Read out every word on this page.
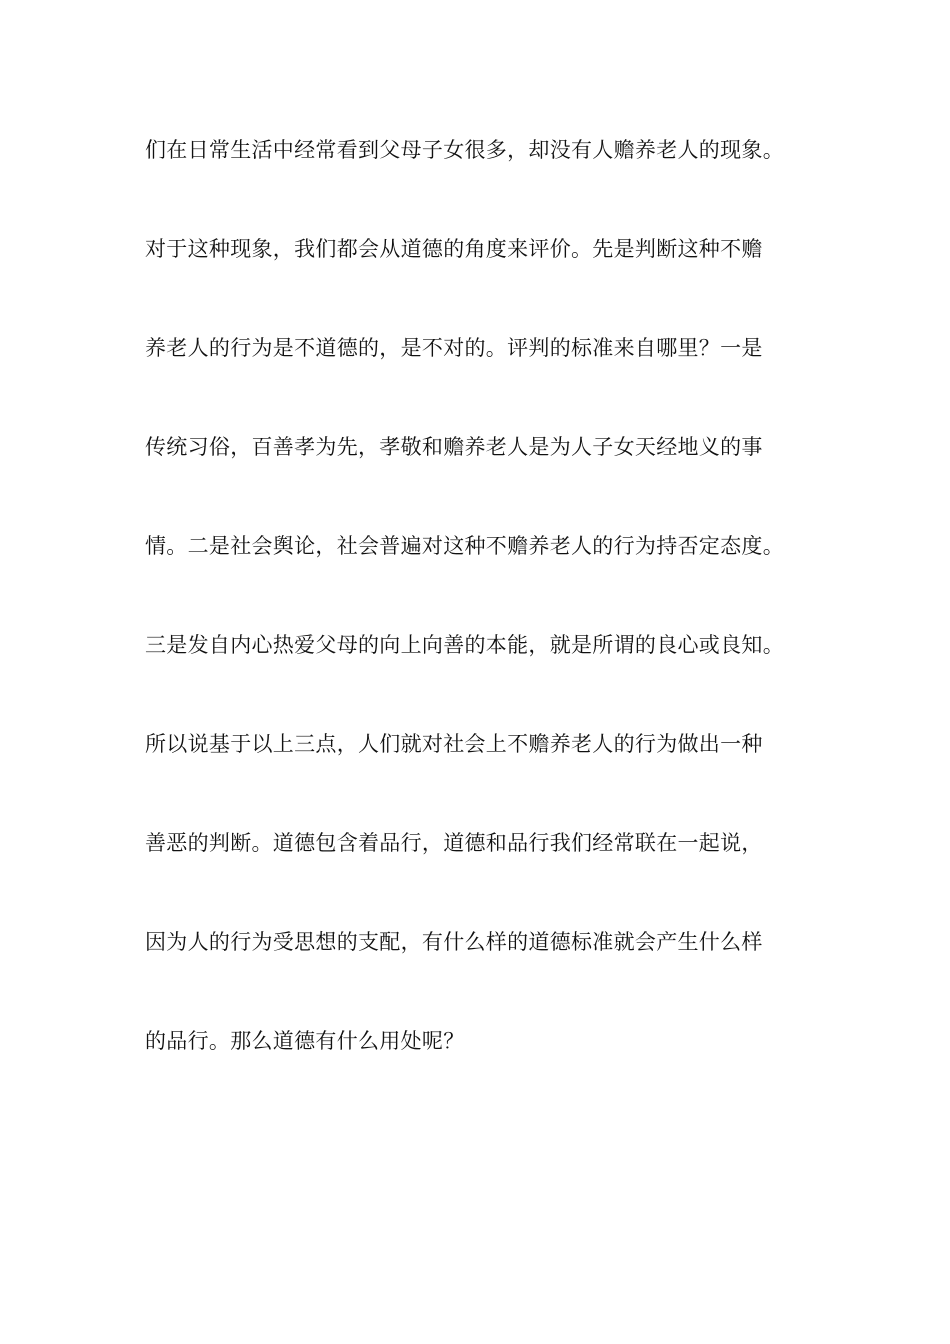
们在日常生活中经常看到父母子女很多，却没有人赡养老人的现象。
对于这种现象，我们都会从道德的角度来评价。先是判断这种不赡
养老人的行为是不道德的，是不对的。评判的标准来自哪里？一是
传统习俗，百善孝为先，孝敬和赡养老人是为人子女天经地义的事
情。二是社会舆论，社会普遍对这种不赡养老人的行为持否定态度。
三是发自内心热爱父母的向上向善的本能，就是所谓的良心或良知。
所以说基于以上三点，人们就对社会上不赡养老人的行为做出一种
善恶的判断。道德包含着品行，道德和品行我们经常联在一起说，
因为人的行为受思想的支配，有什么样的道德标准就会产生什么样
的品行。那么道德有什么用处呢？
